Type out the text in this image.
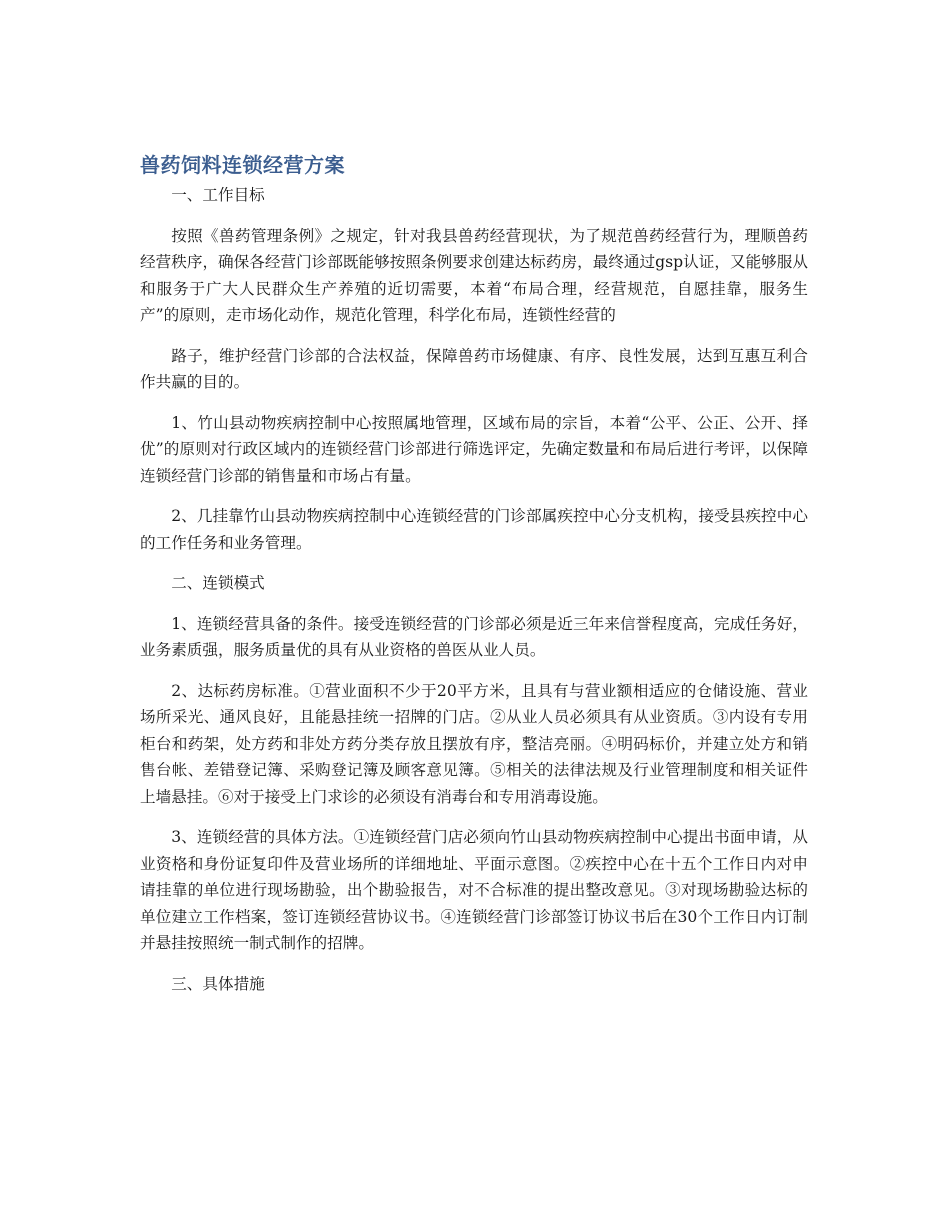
兽药饲料连锁经营方案

一、工作目标

按照《兽药管理条例》之规定，针对我县兽药经营现状，为了规范兽药经营行为，理顺兽药经营秩序，确保各经营门诊部既能够按照条例要求创建达标药房，最终通过gsp认证，又能够服从和服务于广大人民群众生产养殖的近切需要，本着“布局合理，经营规范，自愿挂靠，服务生产”的原则，走市场化动作，规范化管理，科学化布局，连锁性经营的

路子，维护经营门诊部的合法权益，保障兽药市场健康、有序、良性发展，达到互惠互利合作共赢的目的。

1、竹山县动物疾病控制中心按照属地管理，区域布局的宗旨，本着“公平、公正、公开、择优”的原则对行政区域内的连锁经营门诊部进行筛选评定，先确定数量和布局后进行考评，以保障连锁经营门诊部的销售量和市场占有量。

2、几挂靠竹山县动物疾病控制中心连锁经营的门诊部属疾控中心分支机构，接受县疾控中心的工作任务和业务管理。

二、连锁模式

1、连锁经营具备的条件。接受连锁经营的门诊部必须是近三年来信誉程度高，完成任务好，业务素质强，服务质量优的具有从业资格的兽医从业人员。

2、达标药房标准。①营业面积不少于20平方米，且具有与营业额相适应的仓储设施、营业场所采光、通风良好，且能悬挂统一招牌的门店。②从业人员必须具有从业资质。③内设有专用柜台和药架，处方药和非处方药分类存放且摆放有序，整洁亮丽。④明码标价，并建立处方和销售台帐、差错登记簿、采购登记簿及顾客意见簿。⑤相关的法律法规及行业管理制度和相关证件上墙悬挂。⑥对于接受上门求诊的必须设有消毒台和专用消毒设施。

3、连锁经营的具体方法。①连锁经营门店必须向竹山县动物疾病控制中心提出书面申请，从业资格和身份证复印件及营业场所的详细地址、平面示意图。②疾控中心在十五个工作日内对申请挂靠的单位进行现场勘验，出个勘验报告，对不合标准的提出整改意见。③对现场勘验达标的单位建立工作档案，签订连锁经营协议书。④连锁经营门诊部签订协议书后在30个工作日内订制并悬挂按照统一制式制作的招牌。

三、具体措施
